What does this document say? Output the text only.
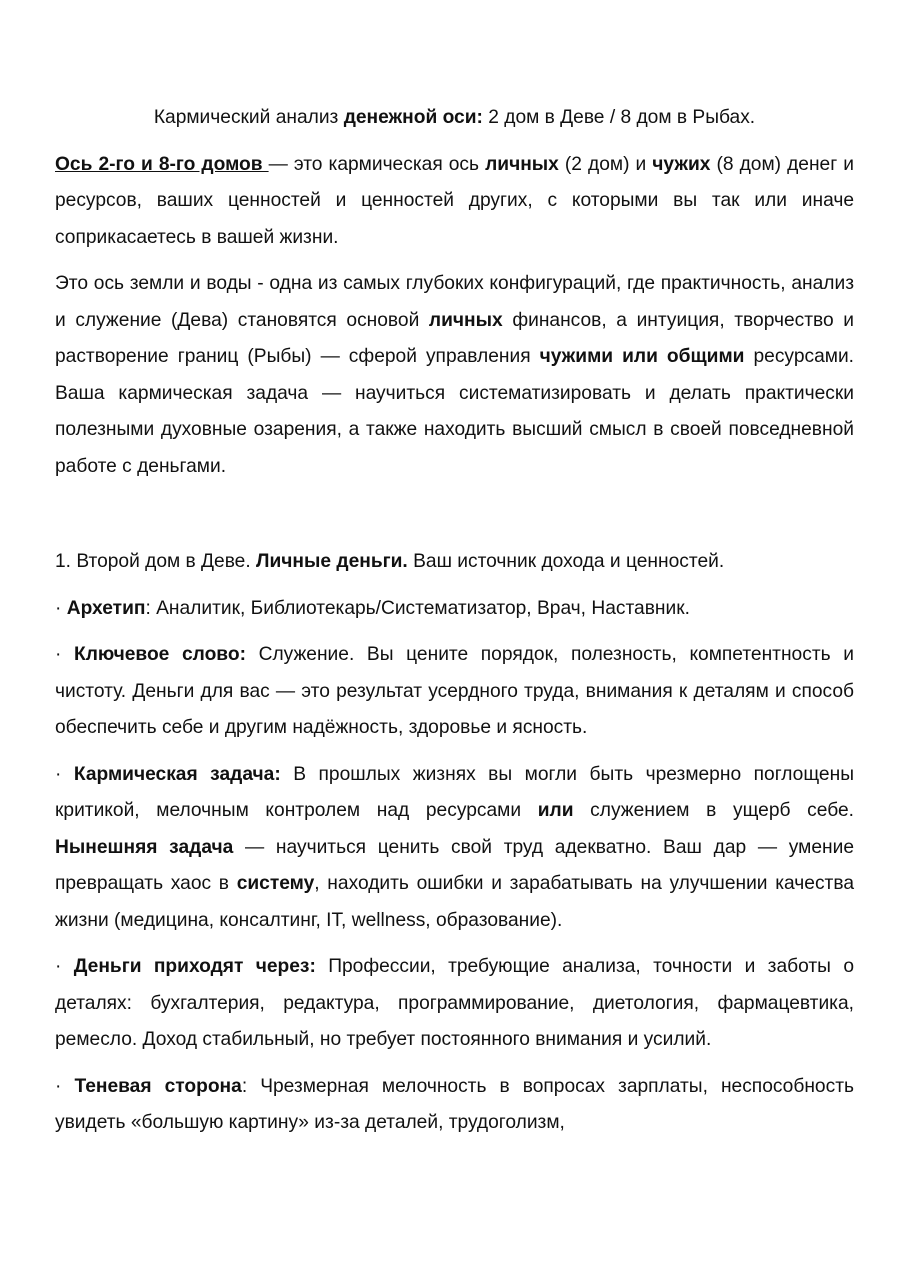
Кармический анализ денежной оси: 2 дом в Деве / 8 дом в Рыбах.

Ось 2-го и 8-го домов — это кармическая ось личных (2 дом) и чужих (8 дом) денег и ресурсов, ваших ценностей и ценностей других, с которыми вы так или иначе соприкасаетесь в вашей жизни.

Это ось земли и воды - одна из самых глубоких конфигураций, где практичность, анализ и служение (Дева) становятся основой личных финансов, а интуиция, творчество и растворение границ (Рыбы) — сферой управления чужими или общими ресурсами. Ваша кармическая задача — научиться систематизировать и делать практически полезными духовные озарения, а также находить высший смысл в своей повседневной работе с деньгами.

1. Второй дом в Деве. Личные деньги. Ваш источник дохода и ценностей.

· Архетип: Аналитик, Библиотекарь/Систематизатор, Врач, Наставник.

· Ключевое слово: Служение. Вы цените порядок, полезность, компетентность и чистоту. Деньги для вас — это результат усердного труда, внимания к деталям и способ обеспечить себе и другим надёжность, здоровье и ясность.

· Кармическая задача: В прошлых жизнях вы могли быть чрезмерно поглощены критикой, мелочным контролем над ресурсами или служением в ущерб себе. Нынешняя задача — научиться ценить свой труд адекватно. Ваш дар — умение превращать хаос в систему, находить ошибки и зарабатывать на улучшении качества жизни (медицина, консалтинг, IT, wellness, образование).

· Деньги приходят через: Профессии, требующие анализа, точности и заботы о деталях: бухгалтерия, редактура, программирование, диетология, фармацевтика, ремесло. Доход стабильный, но требует постоянного внимания и усилий.

· Теневая сторона: Чрезмерная мелочность в вопросах зарплаты, неспособность увидеть «большую картину» из-за деталей, трудоголизм,
